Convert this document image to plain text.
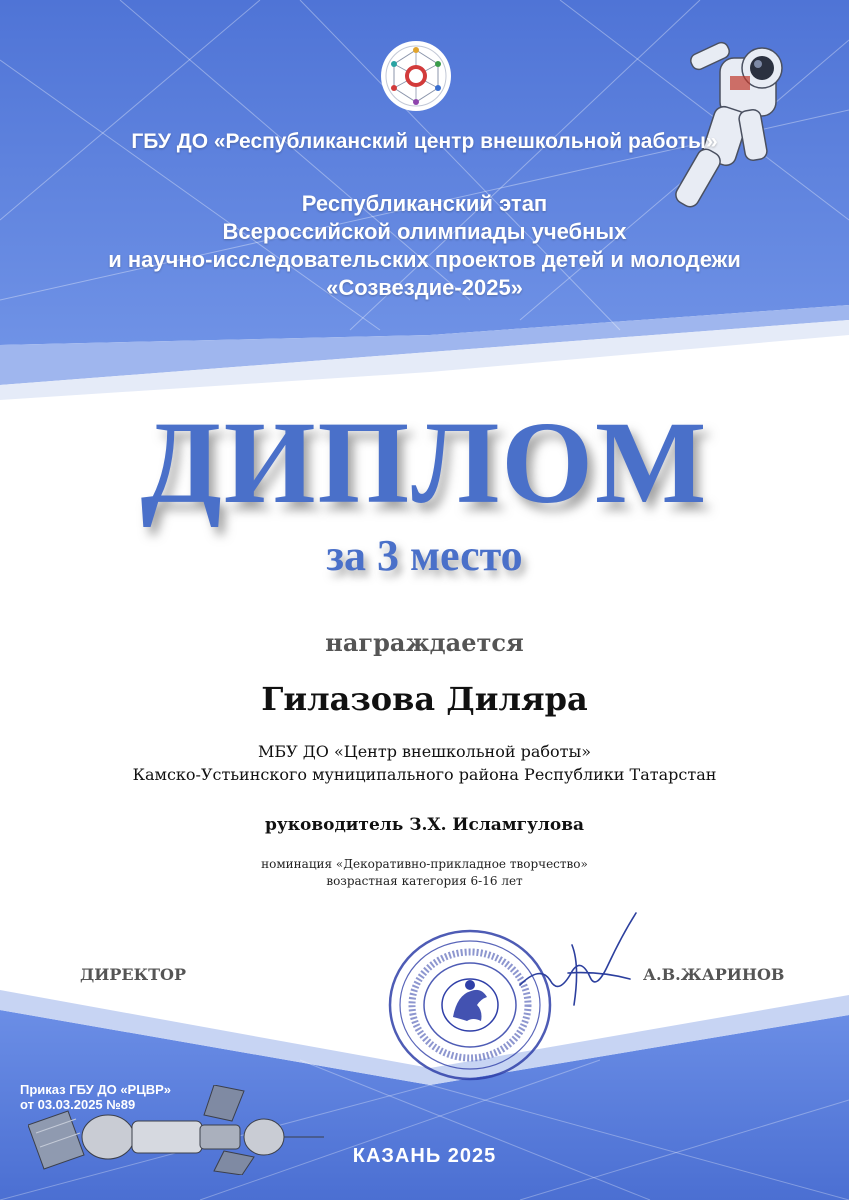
ГБУ ДО «Республиканский центр внешкольной работы»
Республиканский этап
Всероссийской олимпиады учебных
и научно-исследовательских проектов детей и молодежи
«Созвездие-2025»
ДИПЛОМ
за 3 место
награждается
Гилазова Диляра
МБУ ДО «Центр внешкольной работы»
Камско-Устьинского муниципального района Республики Татарстан
руководитель З.Х. Исламгулова
номинация «Декоративно-прикладное творчество»
возрастная категория 6-16 лет
ДИРЕКТОР	А.В.ЖАРИНОВ
Приказ ГБУ ДО «РЦВР»
от 03.03.2025 №89
КАЗАНЬ 2025
